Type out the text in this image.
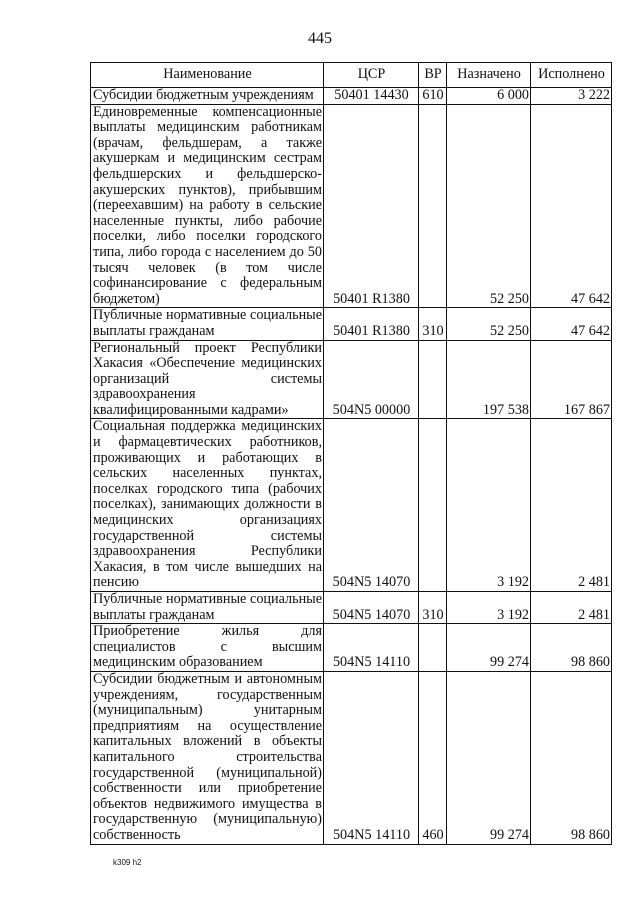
445
Наименование	ЦСР	ВР	Назначено	Исполнено
Субсидии бюджетным учреждениям	50401 14430	610	6 000	3 222
Единовременные компенсационные выплаты медицинским работникам (врачам, фельдшерам, а также акушеркам и медицинским сестрам фельдшерских и фельдшерско-акушерских пунктов), прибывшим (переехавшим) на работу в сельские населенные пункты, либо рабочие поселки, либо поселки городского типа, либо города с населением до 50 тысяч человек (в том числе софинансирование с федеральным бюджетом)	50401 R1380		52 250	47 642
Публичные нормативные социальные выплаты гражданам	50401 R1380	310	52 250	47 642
Региональный проект Республики Хакасия «Обеспечение медицинских организаций системы здравоохранения квалифицированными кадрами»	504N5 00000		197 538	167 867
Социальная поддержка медицинских и фармацевтических работников, проживающих и работающих в сельских населенных пунктах, поселках городского типа (рабочих поселках), занимающих должности в медицинских организациях государственной системы здравоохранения Республики Хакасия, в том числе вышедших на пенсию	504N5 14070		3 192	2 481
Публичные нормативные социальные выплаты гражданам	504N5 14070	310	3 192	2 481
Приобретение жилья для специалистов с высшим медицинским образованием	504N5 14110		99 274	98 860
Субсидии бюджетным и автономным учреждениям, государственным (муниципальным) унитарным предприятиям на осуществление капитальных вложений в объекты капитального строительства государственной (муниципальной) собственности или приобретение объектов недвижимого имущества в государственную (муниципальную) собственность	504N5 14110	460	99 274	98 860
k309 h2
